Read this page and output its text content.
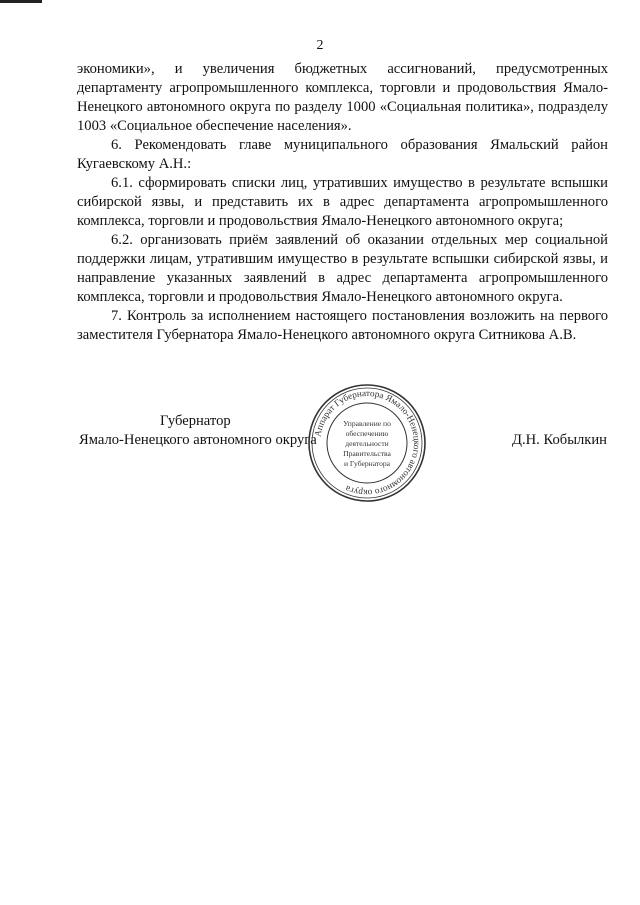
2

экономики», и увеличения бюджетных ассигнований, предусмотренных департаменту агропромышленного комплекса, торговли и продовольствия Ямало-Ненецкого автономного округа по разделу 1000 «Социальная политика», подразделу 1003 «Социальное обеспечение населения».

6. Рекомендовать главе муниципального образования Ямальский район Кугаевскому А.Н.:

6.1. сформировать списки лиц, утративших имущество в результате вспышки сибирской язвы, и представить их в адрес департамента агропромышленного комплекса, торговли и продовольствия Ямало-Ненецкого автономного округа;

6.2. организовать приём заявлений об оказании отдельных мер социальной поддержки лицам, утратившим имущество в результате вспышки сибирской язвы, и направление указанных заявлений в адрес департамента агропромышленного комплекса, торговли и продовольствия Ямало-Ненецкого автономного округа.

7. Контроль за исполнением настоящего постановления возложить на первого заместителя Губернатора Ямало-Ненецкого автономного округа Ситникова А.В.

Губернатор
Ямало-Ненецкого автономного округа	Д.Н. Кобылкин
Аппарат Губернатора Ямало-Ненецкого автономного округа
Управление по
обеспечению
деятельности
Правительства
и Губернатора
